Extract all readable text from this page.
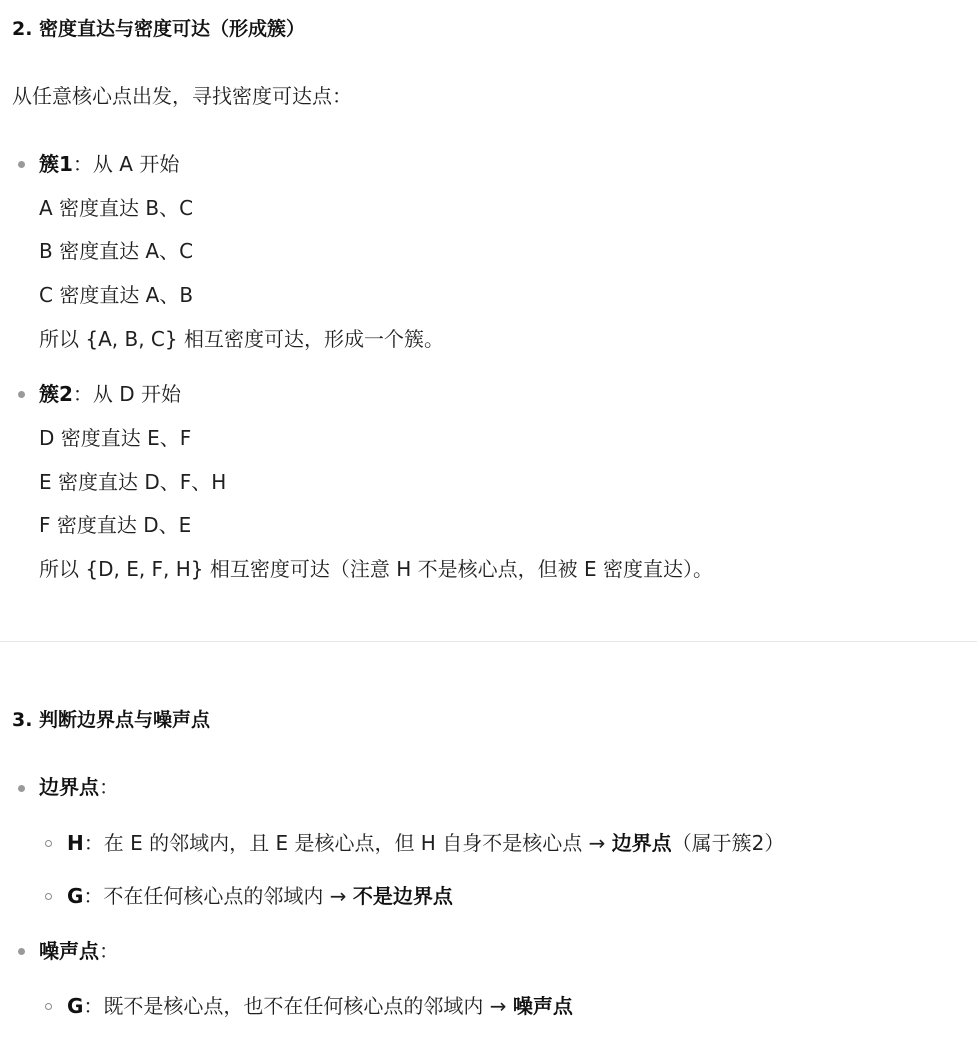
2. 密度直达与密度可达（形成簇）

从任意核心点出发，寻找密度可达点：

簇1：从 A 开始
A 密度直达 B、C
B 密度直达 A、C
C 密度直达 A、B
所以 {A, B, C} 相互密度可达，形成一个簇。
簇2：从 D 开始
D 密度直达 E、F
E 密度直达 D、F、H
F 密度直达 D、E
所以 {D, E, F, H} 相互密度可达（注意 H 不是核心点，但被 E 密度直达）。
3. 判断边界点与噪声点
边界点：
H：在 E 的邻域内，且 E 是核心点，但 H 自身不是核心点 → 边界点（属于簇2）
G：不在任何核心点的邻域内 → 不是边界点
噪声点：
G：既不是核心点，也不在任何核心点的邻域内 → 噪声点
